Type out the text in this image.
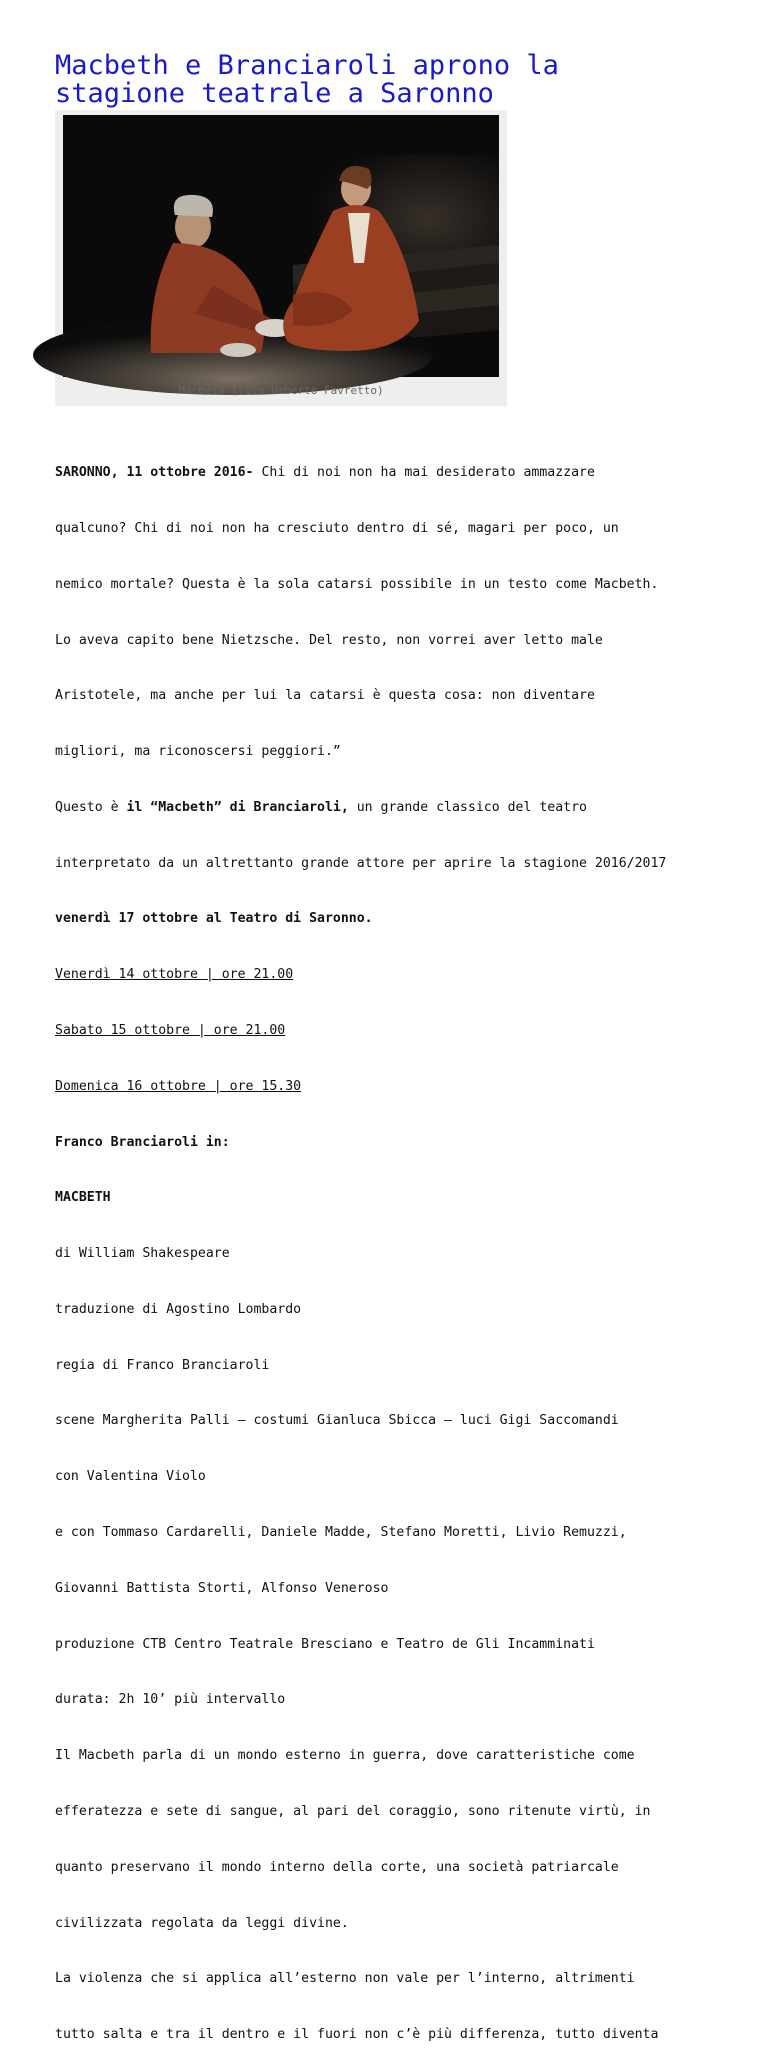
Macbeth e Branciaroli aprono la stagione teatrale a Saronno
Macbeth (foto Umberto Favretto)

SARONNO, 11 ottobre 2016- Chi di noi non ha mai desiderato ammazzare

qualcuno? Chi di noi non ha cresciuto dentro di sé, magari per poco, un

nemico mortale? Questa è la sola catarsi possibile in un testo come Macbeth.

Lo aveva capito bene Nietzsche. Del resto, non vorrei aver letto male

Aristotele, ma anche per lui la catarsi è questa cosa: non diventare

migliori, ma riconoscersi peggiori.”

Questo è il “Macbeth” di Branciaroli, un grande classico del teatro

interpretato da un altrettanto grande attore per aprire la stagione 2016/2017

venerdì 17 ottobre al Teatro di Saronno.

Venerdì 14 ottobre | ore 21.00

Sabato 15 ottobre | ore 21.00

Domenica 16 ottobre | ore 15.30

Franco Branciaroli in:

MACBETH

di William Shakespeare

traduzione di Agostino Lombardo

regia di Franco Branciaroli

scene Margherita Palli – costumi Gianluca Sbicca – luci Gigi Saccomandi

con Valentina Violo

e con Tommaso Cardarelli, Daniele Madde, Stefano Moretti, Livio Remuzzi,

Giovanni Battista Storti, Alfonso Veneroso

produzione CTB Centro Teatrale Bresciano e Teatro de Gli Incamminati

durata: 2h 10’ più intervallo

Il Macbeth parla di un mondo esterno in guerra, dove caratteristiche come

efferatezza e sete di sangue, al pari del coraggio, sono ritenute virtù, in

quanto preservano il mondo interno della corte, una società patriarcale

civilizzata regolata da leggi divine.

La violenza che si applica all’esterno non vale per l’interno, altrimenti

tutto salta e tra il dentro e il fuori non c’è più differenza, tutto diventa
